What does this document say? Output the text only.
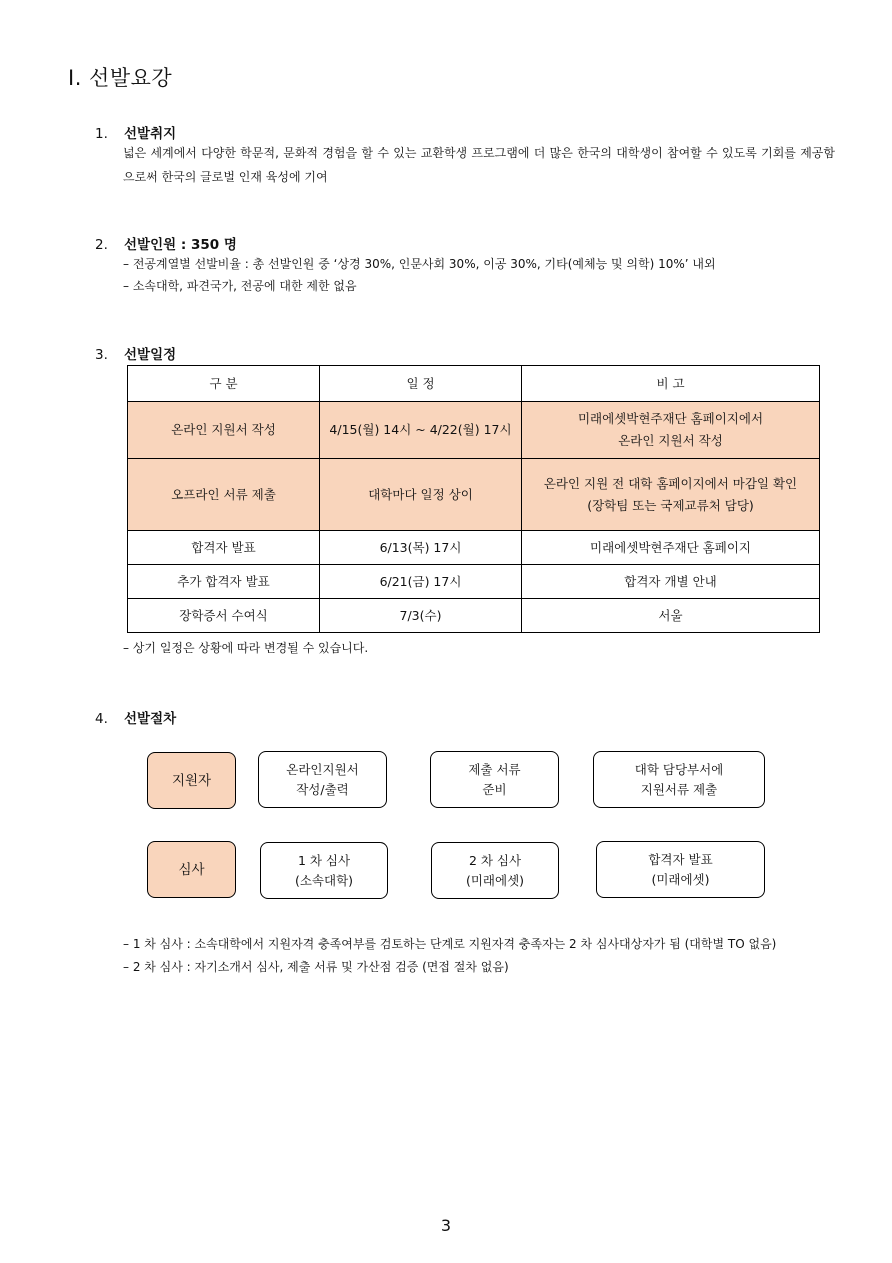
Ⅰ. 선발요강
1. 선발취지
넓은 세계에서 다양한 학문적, 문화적 경험을 할 수 있는 교환학생 프로그램에 더 많은 한국의 대학생이 참여할 수 있도록 기회를 제공함으로써 한국의 글로벌 인재 육성에 기여
2. 선발인원 : 350 명
– 전공계열별 선발비율 : 총 선발인원 중 ‘상경 30%, 인문사회 30%, 이공 30%, 기타(예체능 및 의학) 10%’ 내외
– 소속대학, 파견국가, 전공에 대한 제한 없음
3. 선발일정
구 분	일 정	비 고
온라인 지원서 작성	4/15(월) 14시 ~ 4/22(월) 17시	미래에셋박현주재단 홈페이지에서
온라인 지원서 작성

오프라인 서류 제출	대학마다 일정 상이	온라인 지원 전 대학 홈페이지에서 마감일 확인
(장학팀 또는 국제교류처 담당)

합격자 발표	6/13(목) 17시	미래에셋박현주재단 홈페이지
추가 합격자 발표	6/21(금) 17시	합격자 개별 안내
장학증서 수여식	7/3(수)	서울
– 상기 일정은 상황에 따라 변경될 수 있습니다.
4. 선발절차
지원자
온라인지원서
작성/출력
제출 서류
준비
대학 담당부서에
지원서류 제출
심사
1 차 심사
(소속대학)
2 차 심사
(미래에셋)
합격자 발표
(미래에셋)
– 1 차 심사 : 소속대학에서 지원자격 충족여부를 검토하는 단계로 지원자격 충족자는 2 차 심사대상자가 됨 (대학별 TO 없음)
– 2 차 심사 : 자기소개서 심사, 제출 서류 및 가산점 검증 (면접 절차 없음)
3
